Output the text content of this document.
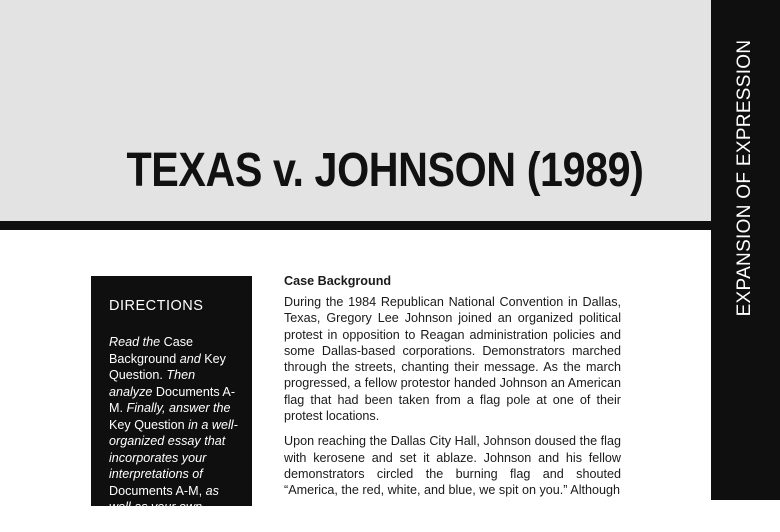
TEXAS v. JOHNSON (1989)	EXPANSION OF EXPRESSION
DIRECTIONS

Read the Case Background and Key Question. Then analyze Documents A-M. Finally, answer the Key Question in a well-organized essay that incorporates your interpretations of Documents A-M, as well as your own knowledge of history.

Case Background

During the 1984 Republican National Convention in Dallas, Texas, Gregory Lee Johnson joined an organized political protest in opposition to Reagan administration policies and some Dallas-based corporations. Demonstrators marched through the streets, chanting their message. As the march progressed, a fellow protestor handed Johnson an American flag that had been taken from a flag pole at one of their protest locations.

Upon reaching the Dallas City Hall, Johnson doused the flag with kerosene and set it ablaze. Johnson and his fellow demonstrators circled the burning flag and shouted “America, the red, white, and blue, we spit on you.” Although
